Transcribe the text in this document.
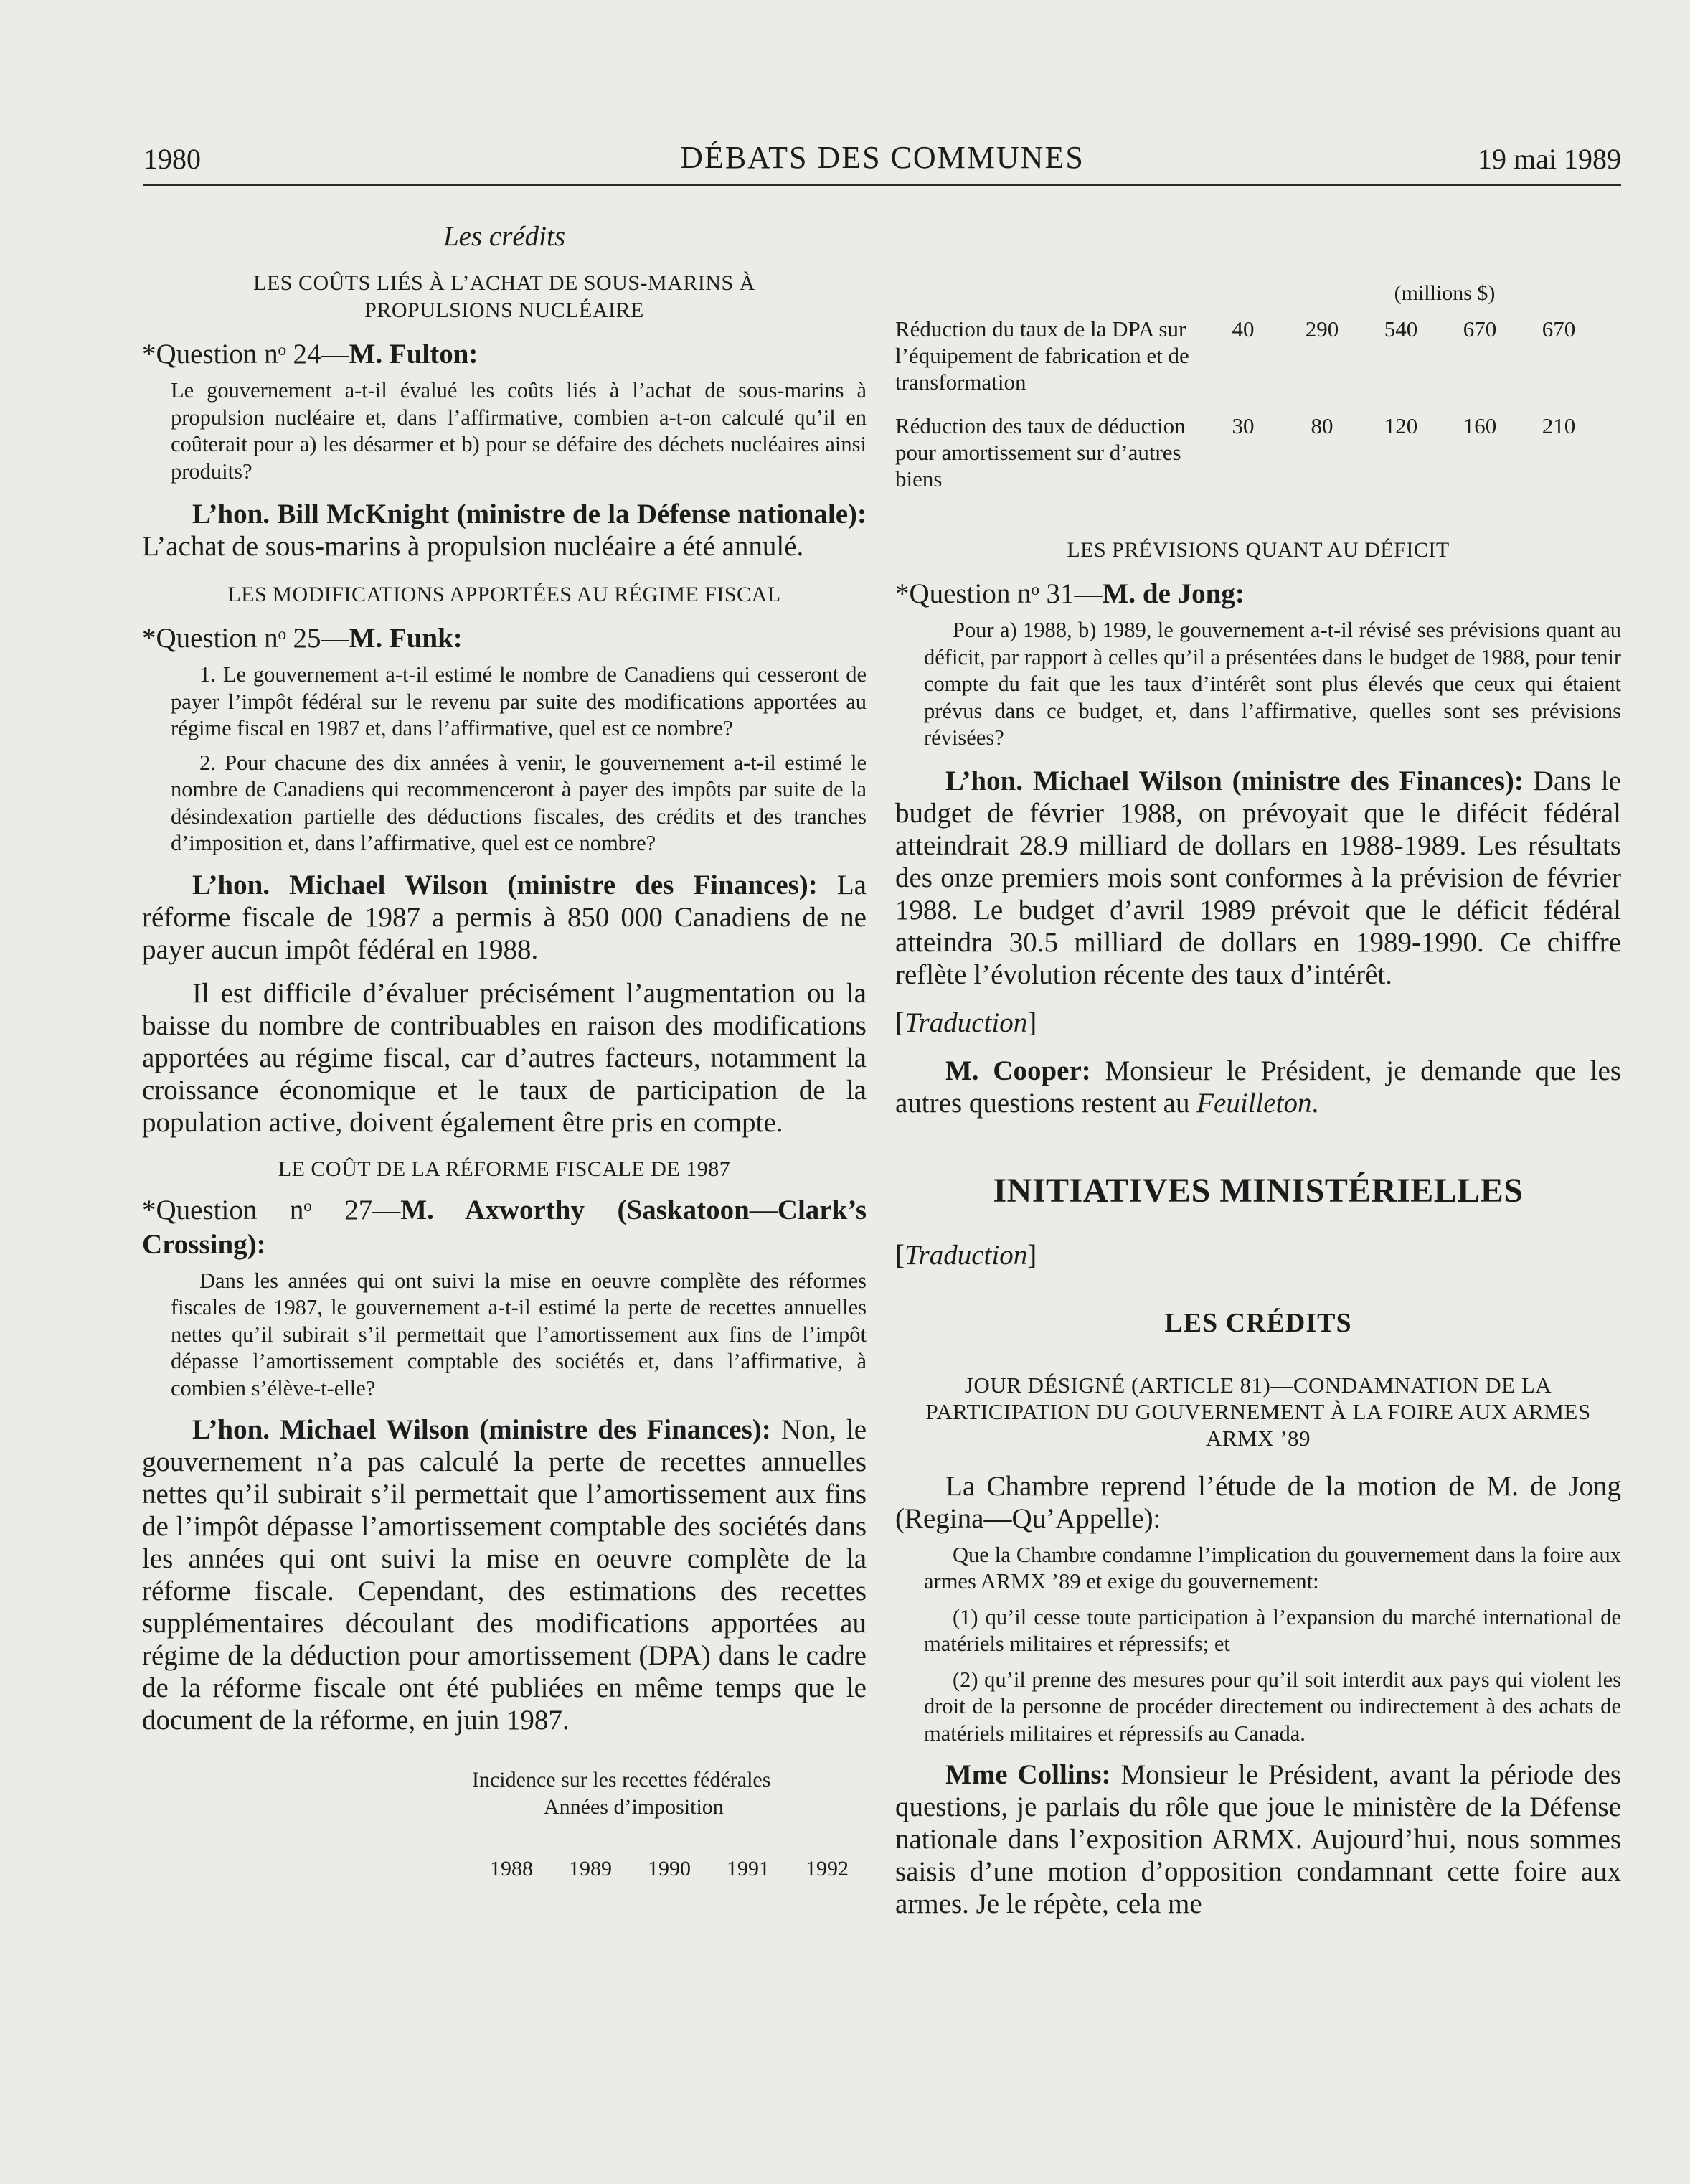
1980	DÉBATS DES COMMUNES	19 mai 1989
Les crédits
LES COÛTS LIÉS À L’ACHAT DE SOUS-MARINS À PROPULSIONS NUCLÉAIRE
*Question nᵒ 24—M. Fulton:
Le gouvernement a-t-il évalué les coûts liés à l’achat de sous-marins à propulsion nucléaire et, dans l’affirmative, combien a-t-on calculé qu’il en coûterait pour a) les désarmer et b) pour se défaire des déchets nucléaires ainsi produits?
L’hon. Bill McKnight (ministre de la Défense nationale): L’achat de sous-marins à propulsion nucléaire a été annulé.
LES MODIFICATIONS APPORTÉES AU RÉGIME FISCAL
*Question nᵒ 25—M. Funk:
1. Le gouvernement a-t-il estimé le nombre de Canadiens qui cesseront de payer l’impôt fédéral sur le revenu par suite des modifications apportées au régime fiscal en 1987 et, dans l’affirmative, quel est ce nombre?
2. Pour chacune des dix années à venir, le gouvernement a-t-il estimé le nombre de Canadiens qui recommenceront à payer des impôts par suite de la désindexation partielle des déductions fiscales, des crédits et des tranches d’imposition et, dans l’affirmative, quel est ce nombre?
L’hon. Michael Wilson (ministre des Finances): La réforme fiscale de 1987 a permis à 850 000 Canadiens de ne payer aucun impôt fédéral en 1988.
Il est difficile d’évaluer précisément l’augmentation ou la baisse du nombre de contribuables en raison des modifications apportées au régime fiscal, car d’autres facteurs, notamment la croissance économique et le taux de participation de la population active, doivent également être pris en compte.
LE COÛT DE LA RÉFORME FISCALE DE 1987
*Question nᵒ 27—M. Axworthy (Saskatoon—Clark’s Crossing):
Dans les années qui ont suivi la mise en oeuvre complète des réformes fiscales de 1987, le gouvernement a-t-il estimé la perte de recettes annuelles nettes qu’il subirait s’il permettait que l’amortissement aux fins de l’impôt dépasse l’amortissement comptable des sociétés et, dans l’affirmative, à combien s’élève-t-elle?
L’hon. Michael Wilson (ministre des Finances): Non, le gouvernement n’a pas calculé la perte de recettes annuelles nettes qu’il subirait s’il permettait que l’amortissement aux fins de l’impôt dépasse l’amortissement comptable des sociétés dans les années qui ont suivi la mise en oeuvre complète de la réforme fiscale. Cependant, des estimations des recettes supplémentaires découlant des modifications apportées au régime de la déduction pour amortissement (DPA) dans le cadre de la réforme fiscale ont été publiées en même temps que le document de la réforme, en juin 1987.
Incidence sur les recettes fédérales
Années d’imposition
1988	1989	1990	1991	1992
(millions $)
Réduction du taux de la DPA sur l’équipement de fabrication et de transformation
40	290	540	670	670
Réduction des taux de déduction pour amortissement sur d’autres biens
30	80	120	160	210
LES PRÉVISIONS QUANT AU DÉFICIT
*Question nᵒ 31—M. de Jong:
Pour a) 1988, b) 1989, le gouvernement a-t-il révisé ses prévisions quant au déficit, par rapport à celles qu’il a présentées dans le budget de 1988, pour tenir compte du fait que les taux d’intérêt sont plus élevés que ceux qui étaient prévus dans ce budget, et, dans l’affirmative, quelles sont ses prévisions révisées?
L’hon. Michael Wilson (ministre des Finances): Dans le budget de février 1988, on prévoyait que le difécit fédéral atteindrait 28.9 milliard de dollars en 1988-1989. Les résultats des onze premiers mois sont conformes à la prévision de février 1988. Le budget d’avril 1989 prévoit que le déficit fédéral atteindra 30.5 milliard de dollars en 1989-1990. Ce chiffre reflète l’évolution récente des taux d’intérêt.
[Traduction]
M. Cooper: Monsieur le Président, je demande que les autres questions restent au Feuilleton.
INITIATIVES MINISTÉRIELLES
[Traduction]
LES CRÉDITS
JOUR DÉSIGNÉ (ARTICLE 81)—CONDAMNATION DE LA PARTICIPATION DU GOUVERNEMENT À LA FOIRE AUX ARMES ARMX ’89
La Chambre reprend l’étude de la motion de M. de Jong (Regina—Qu’Appelle):
Que la Chambre condamne l’implication du gouvernement dans la foire aux armes ARMX ’89 et exige du gouvernement:
(1) qu’il cesse toute participation à l’expansion du marché international de matériels militaires et répressifs; et
(2) qu’il prenne des mesures pour qu’il soit interdit aux pays qui violent les droit de la personne de procéder directement ou indirectement à des achats de matériels militaires et répressifs au Canada.
Mme Collins: Monsieur le Président, avant la période des questions, je parlais du rôle que joue le ministère de la Défense nationale dans l’exposition ARMX. Aujourd’hui, nous sommes saisis d’une motion d’opposition condamnant cette foire aux armes. Je le répète, cela me
